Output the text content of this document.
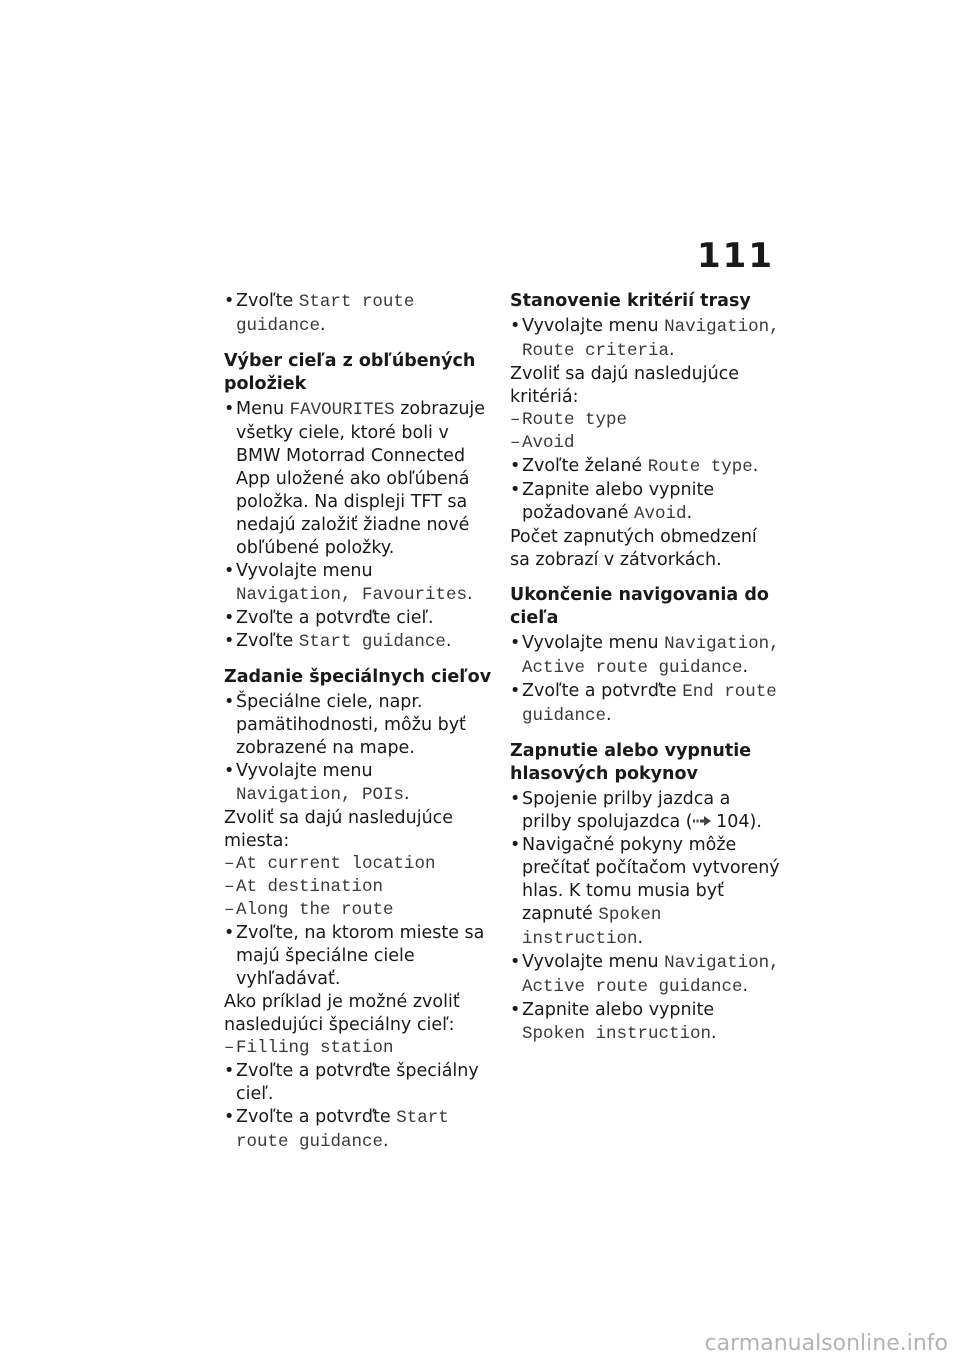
111
• Zvoľte Start route guidance.
Výber cieľa z obľúbených položiek
• Menu FAVOURITES zobrazuje všetky ciele, ktoré boli v BMW Motorrad Connected App uložené ako obľúbená položka. Na displeji TFT sa nedajú založiť žiadne nové obľúbené položky.
• Vyvolajte menu Navigation, Favourites.
• Zvoľte a potvrďte cieľ.
• Zvoľte Start guidance.
Zadanie špeciálnych cieľov
• Špeciálne ciele, napr. pamätihodnosti, môžu byť zobrazené na mape.
• Vyvolajte menu Navigation, POIs.
Zvoliť sa dajú nasledujúce miesta:
– At current location
– At destination
– Along the route
• Zvoľte, na ktorom mieste sa majú špeciálne ciele vyhľadávať.
Ako príklad je možné zvoliť nasledujúci špeciálny cieľ:
– Filling station
• Zvoľte a potvrďte špeciálny cieľ.
• Zvoľte a potvrďte Start route guidance.
Stanovenie kritérií trasy
• Vyvolajte menu Navigation, Route criteria.
Zvoliť sa dajú nasledujúce kritériá:
– Route type
– Avoid
• Zvoľte želané Route type.
• Zapnite alebo vypnite požadované Avoid.
Počet zapnutých obmedzení sa zobrazí v zátvorkách.
Ukončenie navigovania do cieľa
• Vyvolajte menu Navigation, Active route guidance.
• Zvoľte a potvrďte End route guidance.
Zapnutie alebo vypnutie hlasových pokynov
• Spojenie prilby jazdca a prilby spolujazdca ( 104).
• Navigačné pokyny môže prečítať počítačom vytvorený hlas. K tomu musia byť zapnuté Spoken instruction.
• Vyvolajte menu Navigation, Active route guidance.
• Zapnite alebo vypnite Spoken instruction.
carmanualsonline.info
